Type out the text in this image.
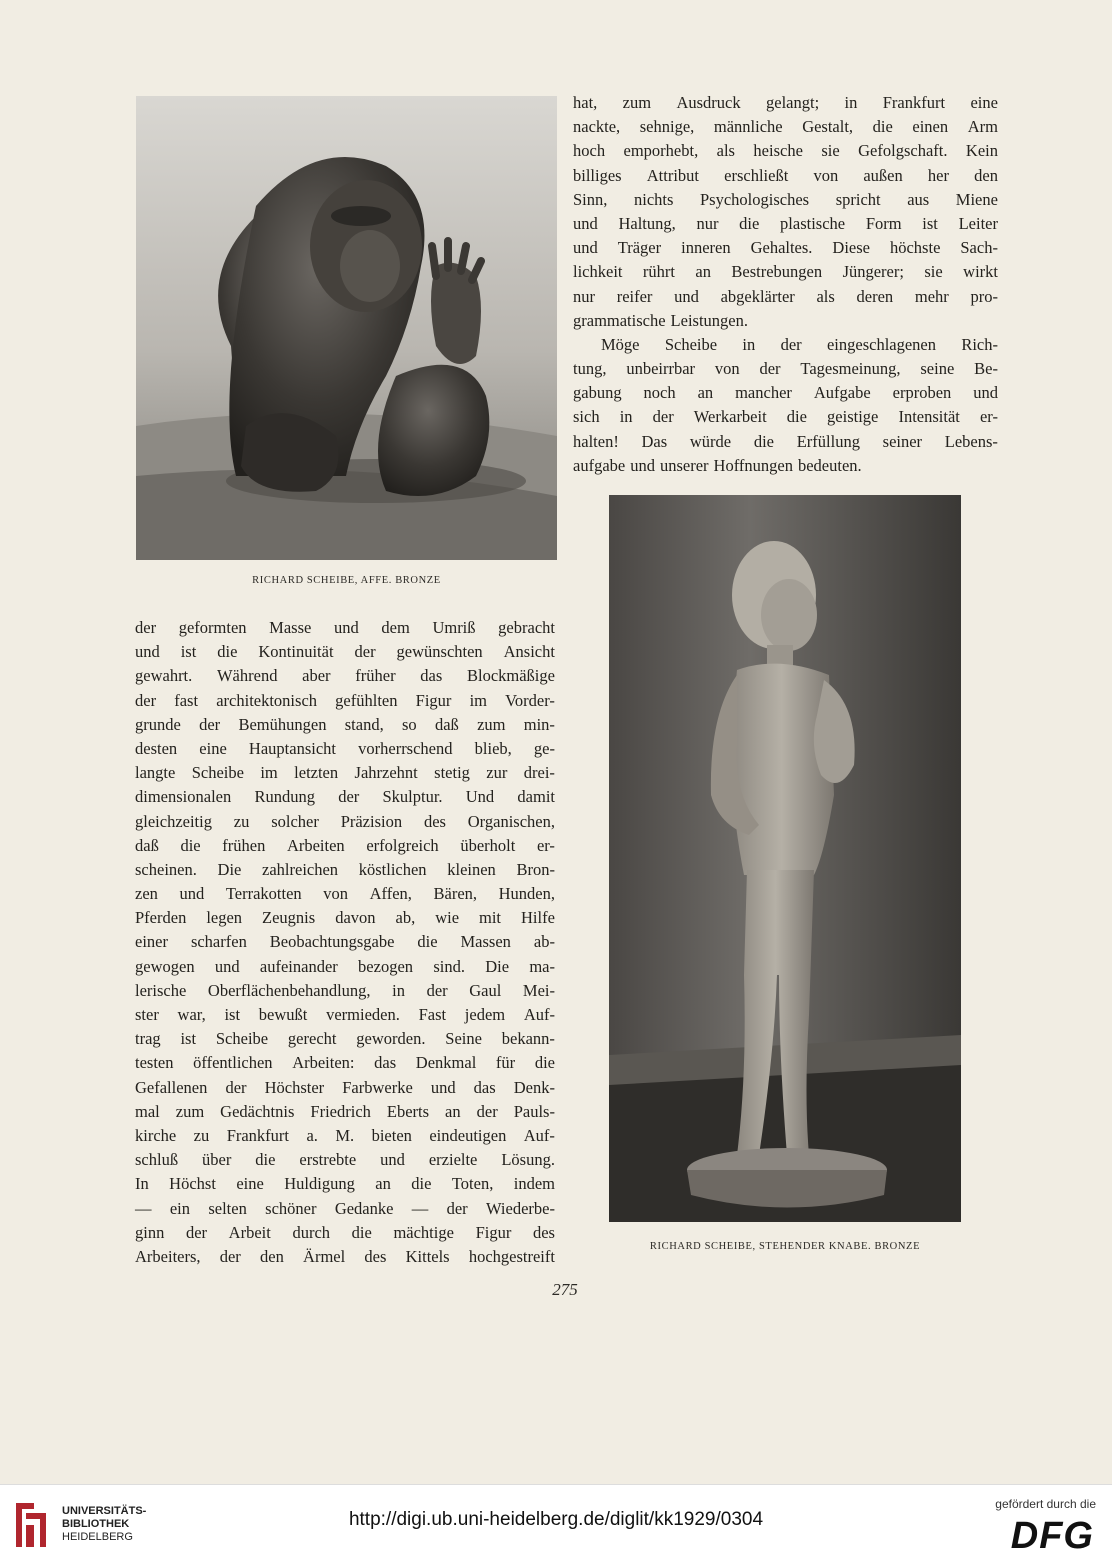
RICHARD SCHEIBE, AFFE. BRONZE
RICHARD SCHEIBE, STEHENDER KNABE. BRONZE
hat, zum Ausdruck gelangt; in Frankfurt eine
nackte, sehnige, männliche Gestalt, die einen Arm
hoch emporhebt, als heische sie Gefolgschaft. Kein
billiges Attribut erschließt von außen her den
Sinn, nichts Psychologisches spricht aus Miene
und Haltung, nur die plastische Form ist Leiter
und Träger inneren Gehaltes. Diese höchste Sach-
lichkeit rührt an Bestrebungen Jüngerer; sie wirkt
nur reifer und abgeklärter als deren mehr pro-
grammatische Leistungen.
Möge Scheibe in der eingeschlagenen Rich-
tung, unbeirrbar von der Tagesmeinung, seine Be-
gabung noch an mancher Aufgabe erproben und
sich in der Werkarbeit die geistige Intensität er-
halten! Das würde die Erfüllung seiner Lebens-
aufgabe und unserer Hoffnungen bedeuten.
der geformten Masse und dem Umriß gebracht
und ist die Kontinuität der gewünschten Ansicht
gewahrt. Während aber früher das Blockmäßige
der fast architektonisch gefühlten Figur im Vorder-
grunde der Bemühungen stand, so daß zum min-
desten eine Hauptansicht vorherrschend blieb, ge-
langte Scheibe im letzten Jahrzehnt stetig zur drei-
dimensionalen Rundung der Skulptur. Und damit
gleichzeitig zu solcher Präzision des Organischen,
daß die frühen Arbeiten erfolgreich überholt er-
scheinen. Die zahlreichen köstlichen kleinen Bron-
zen und Terrakotten von Affen, Bären, Hunden,
Pferden legen Zeugnis davon ab, wie mit Hilfe
einer scharfen Beobachtungsgabe die Massen ab-
gewogen und aufeinander bezogen sind. Die ma-
lerische Oberflächenbehandlung, in der Gaul Mei-
ster war, ist bewußt vermieden. Fast jedem Auf-
trag ist Scheibe gerecht geworden. Seine bekann-
testen öffentlichen Arbeiten: das Denkmal für die
Gefallenen der Höchster Farbwerke und das Denk-
mal zum Gedächtnis Friedrich Eberts an der Pauls-
kirche zu Frankfurt a. M. bieten eindeutigen Auf-
schluß über die erstrebte und erzielte Lösung.
In Höchst eine Huldigung an die Toten, indem
— ein selten schöner Gedanke — der Wiederbe-
ginn der Arbeit durch die mächtige Figur des
Arbeiters, der den Ärmel des Kittels hochgestreift
275
UNIVERSITÄTS-
BIBLIOTHEK
HEIDELBERG
http://digi.ub.uni-heidelberg.de/diglit/kk1929/0304
gefördert durch die
DFG
